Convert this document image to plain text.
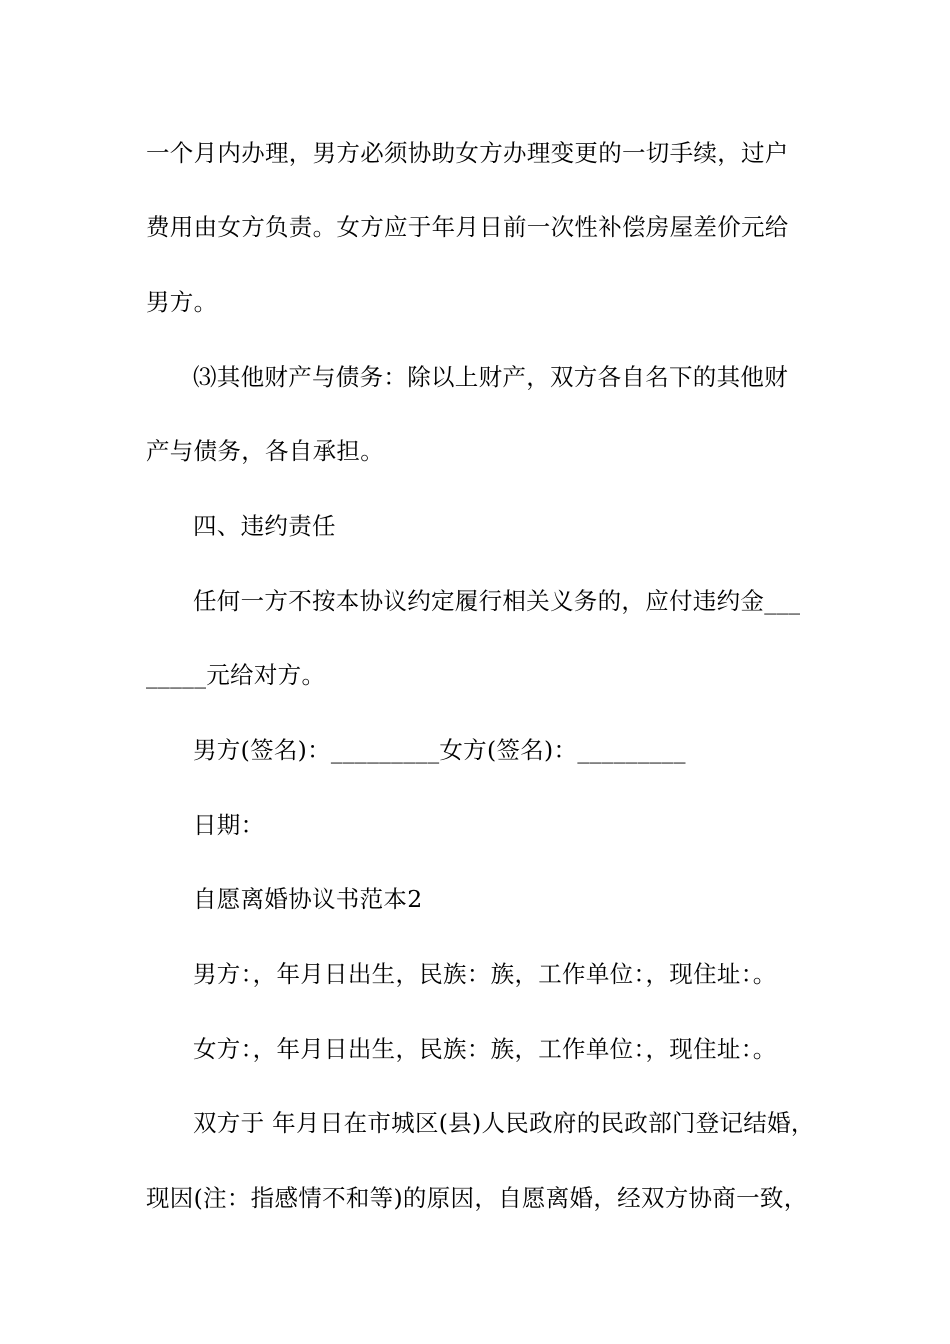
一个月内办理，男方必须协助女方办理变更的一切手续，过户
费用由女方负责。女方应于年月日前一次性补偿房屋差价元给
男方。
⑶其他财产与债务：除以上财产，双方各自名下的其他财
产与债务，各自承担。
四、违约责任
任何一方不按本协议约定履行相关义务的，应付违约金___
_____元给对方。
男方(签名)：_________女方(签名)：_________
日期：
自愿离婚协议书范本2
男方：，年月日出生，民族：族，工作单位：，现住址：。
女方：，年月日出生，民族：族，工作单位：，现住址：。
双方于 年月日在市城区(县)人民政府的民政部门登记结婚，
现因(注：指感情不和等)的原因，自愿离婚，经双方协商一致，
